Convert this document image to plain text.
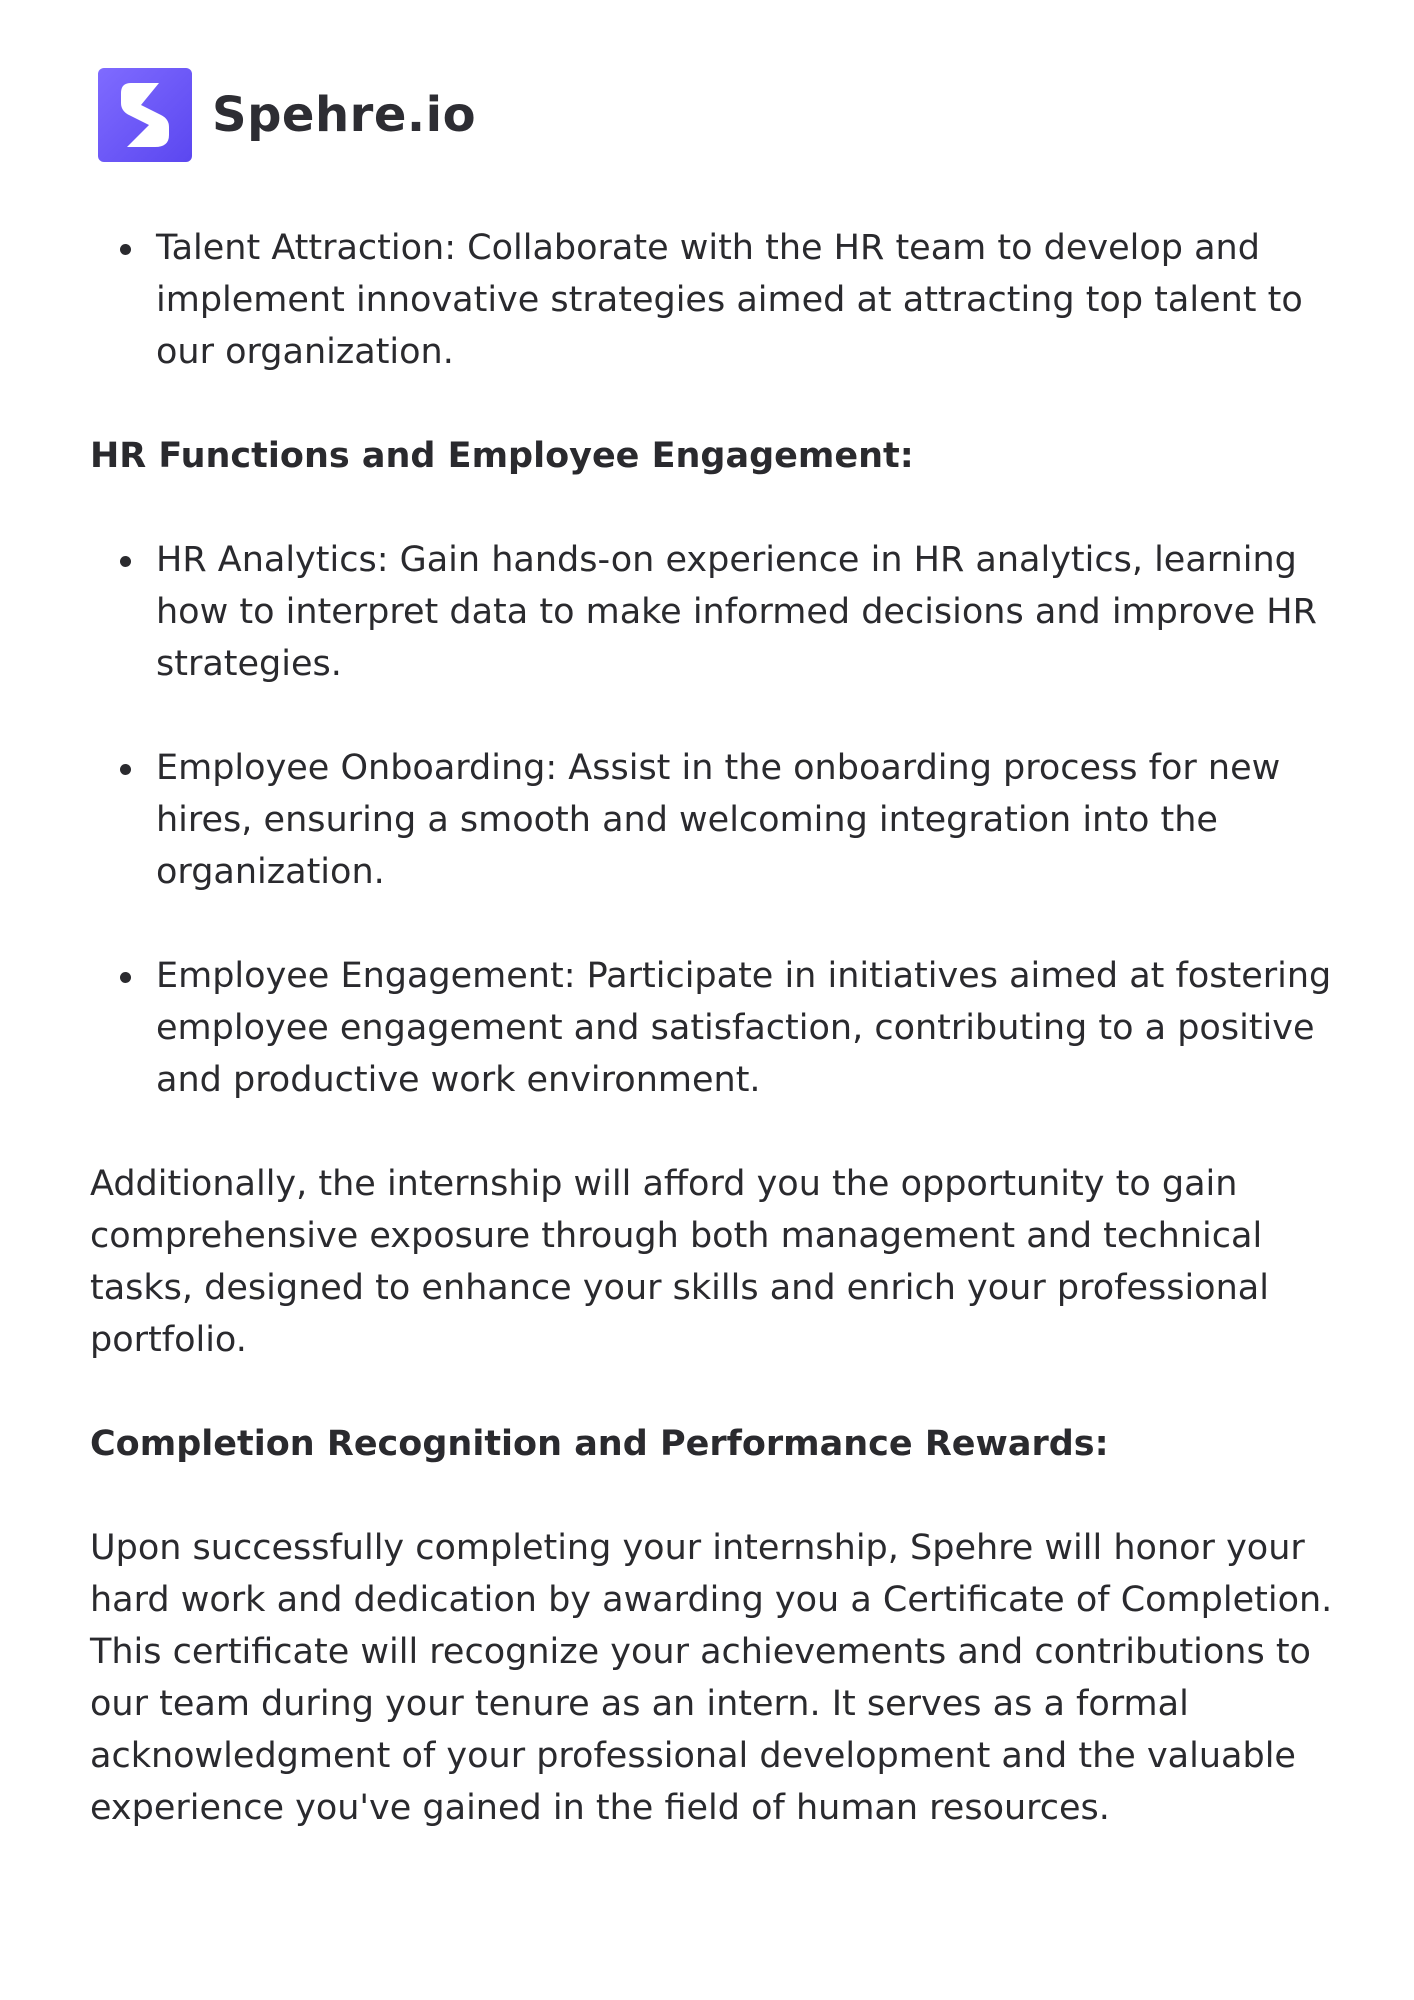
Spehre.io
Talent Attraction: Collaborate with the HR team to develop and implement innovative strategies aimed at attracting top talent to our organization.
HR Functions and Employee Engagement:
HR Analytics: Gain hands-on experience in HR analytics, learning how to interpret data to make informed decisions and improve HR strategies.
Employee Onboarding: Assist in the onboarding process for new hires, ensuring a smooth and welcoming integration into the organization.
Employee Engagement: Participate in initiatives aimed at fostering employee engagement and satisfaction, contributing to a positive and productive work environment.

Additionally, the internship will afford you the opportunity to gain comprehensive exposure through both management and technical tasks, designed to enhance your skills and enrich your professional portfolio.

Completion Recognition and Performance Rewards:

Upon successfully completing your internship, Spehre will honor your hard work and dedication by awarding you a Certificate of Completion. This certificate will recognize your achievements and contributions to our team during your tenure as an intern. It serves as a formal acknowledgment of your professional development and the valuable experience you've gained in the field of human resources.
